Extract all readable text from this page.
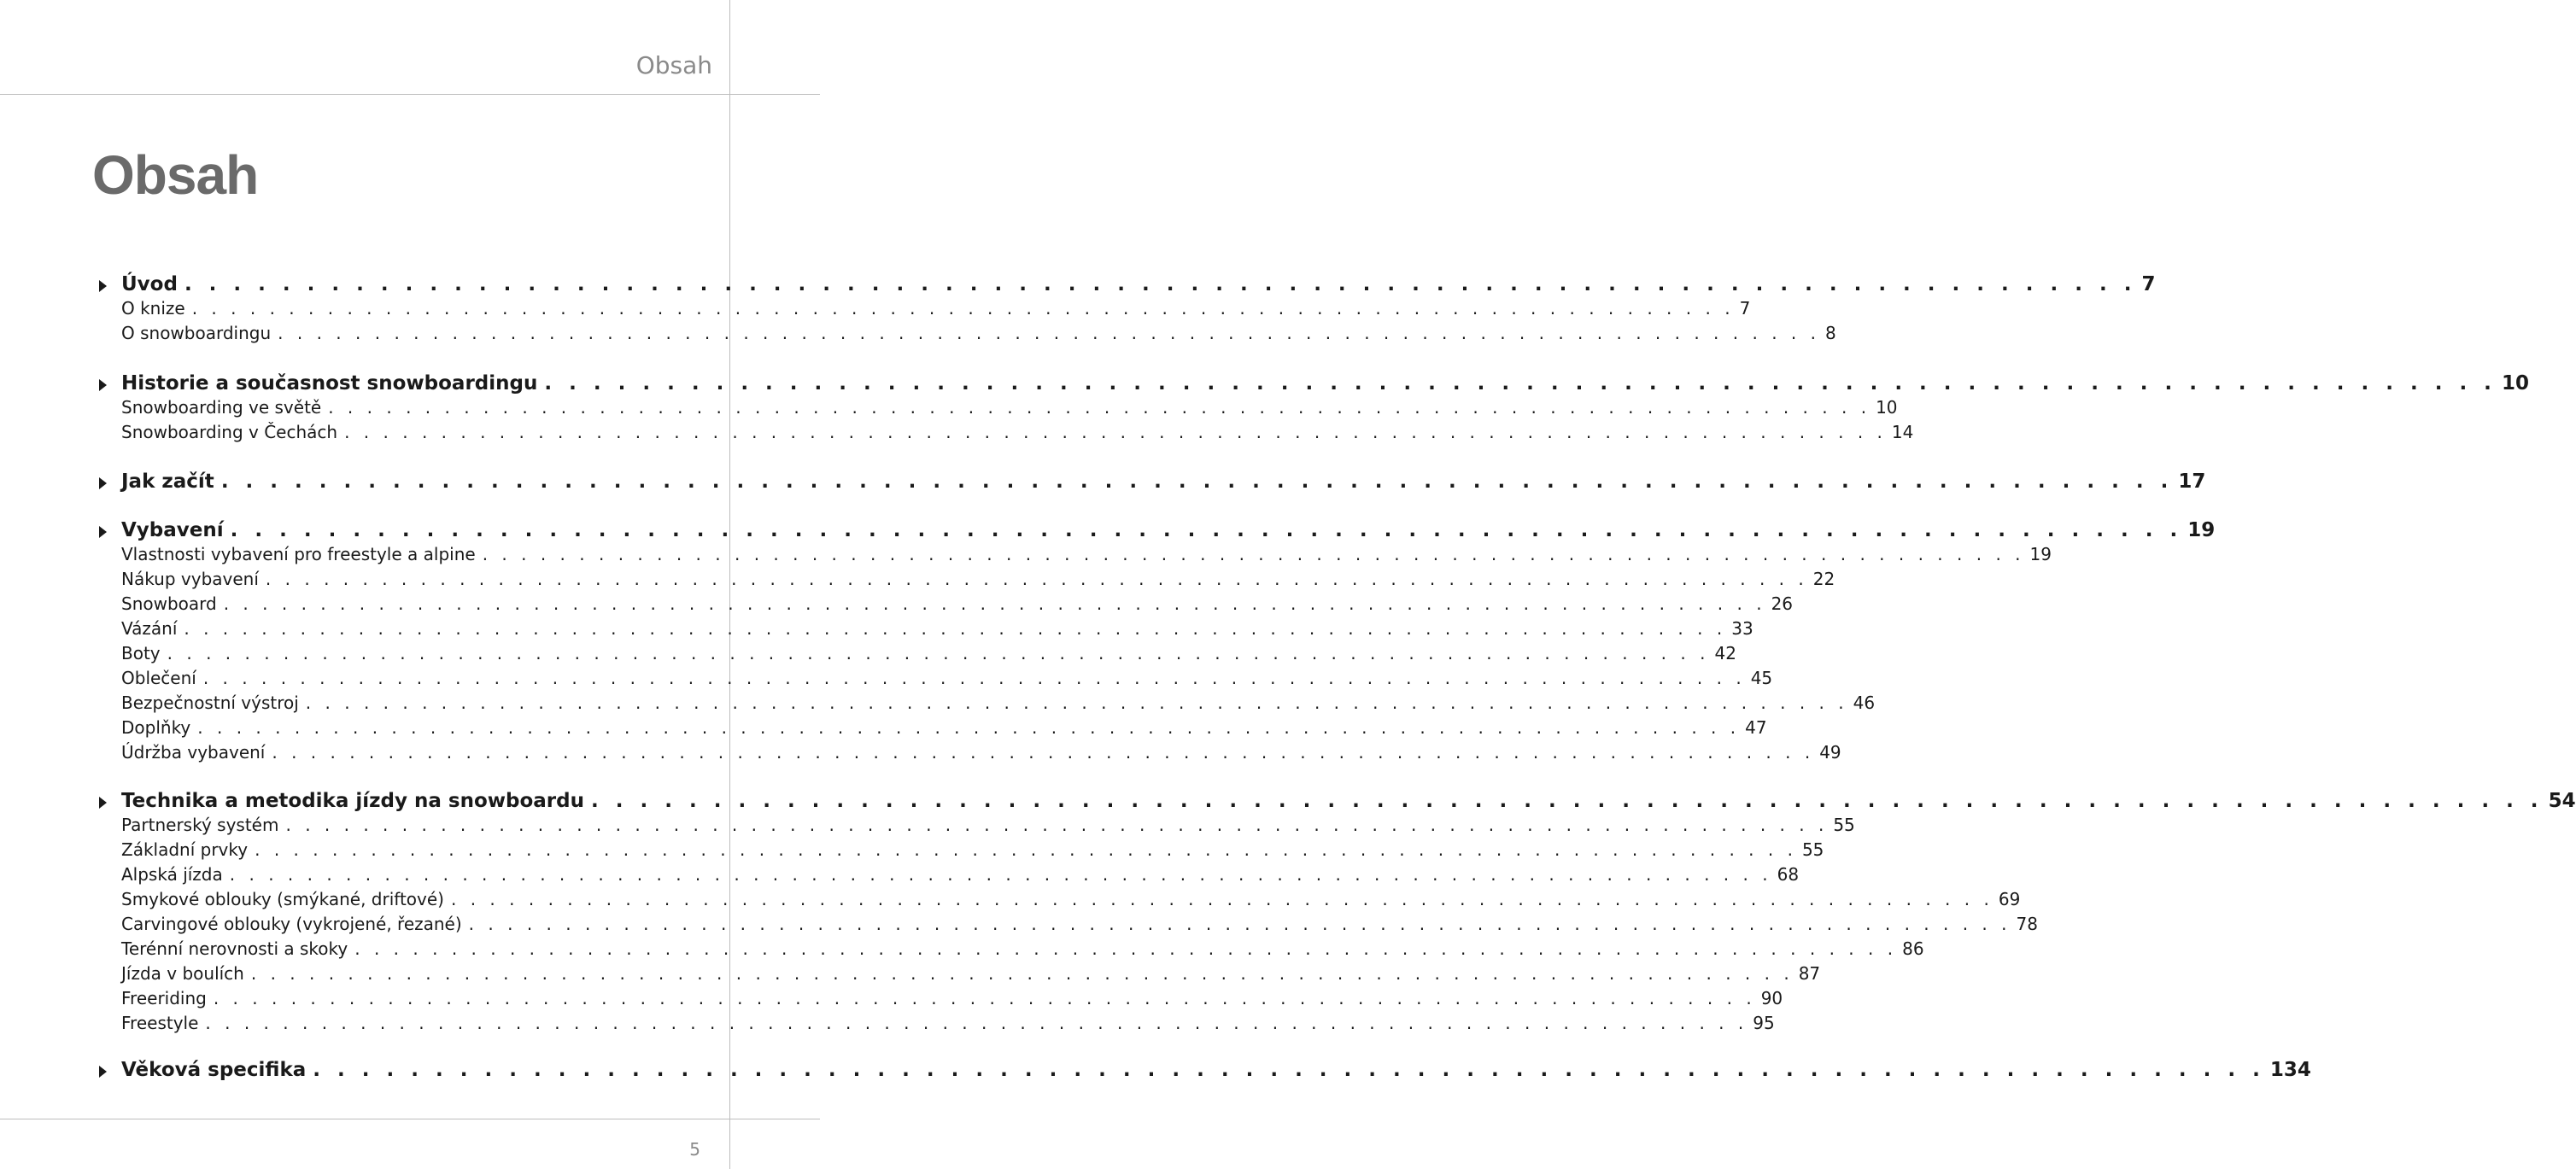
Obsah
Obsah
Úvod . . . . . . . . . . . . . . . . . . . . . . . . . . . . . . . . . . . . . . . . . . . . . . . . . . . . . . . . . . . . . . . . . . . . . . . . . . . . . . . . 7
O knize . . . . . . . . . . . . . . . . . . . . . . . . . . . . . . . . . . . . . . . . . . . . . . . . . . . . . . . . . . . . . . . . . . . . . . . . . . . . . . . . 7
O snowboardingu . . . . . . . . . . . . . . . . . . . . . . . . . . . . . . . . . . . . . . . . . . . . . . . . . . . . . . . . . . . . . . . . . . . . . . . . . . . . . . . . 8
Historie a současnost snowboardingu . . . . . . . . . . . . . . . . . . . . . . . . . . . . . . . . . . . . . . . . . . . . . . . . . . . . . . . . . . . . . . . . . . . . . . . . . . . . . . . . 10
Snowboarding ve světě . . . . . . . . . . . . . . . . . . . . . . . . . . . . . . . . . . . . . . . . . . . . . . . . . . . . . . . . . . . . . . . . . . . . . . . . . . . . . . . . 10
Snowboarding v Čechách . . . . . . . . . . . . . . . . . . . . . . . . . . . . . . . . . . . . . . . . . . . . . . . . . . . . . . . . . . . . . . . . . . . . . . . . . . . . . . . . 14
Jak začít . . . . . . . . . . . . . . . . . . . . . . . . . . . . . . . . . . . . . . . . . . . . . . . . . . . . . . . . . . . . . . . . . . . . . . . . . . . . . . . . 17
Vybavení . . . . . . . . . . . . . . . . . . . . . . . . . . . . . . . . . . . . . . . . . . . . . . . . . . . . . . . . . . . . . . . . . . . . . . . . . . . . . . . . 19
Vlastnosti vybavení pro freestyle a alpine . . . . . . . . . . . . . . . . . . . . . . . . . . . . . . . . . . . . . . . . . . . . . . . . . . . . . . . . . . . . . . . . . . . . . . . . . . . . . . . . 19
Nákup vybavení . . . . . . . . . . . . . . . . . . . . . . . . . . . . . . . . . . . . . . . . . . . . . . . . . . . . . . . . . . . . . . . . . . . . . . . . . . . . . . . . 22
Snowboard . . . . . . . . . . . . . . . . . . . . . . . . . . . . . . . . . . . . . . . . . . . . . . . . . . . . . . . . . . . . . . . . . . . . . . . . . . . . . . . . 26
Vázání . . . . . . . . . . . . . . . . . . . . . . . . . . . . . . . . . . . . . . . . . . . . . . . . . . . . . . . . . . . . . . . . . . . . . . . . . . . . . . . . 33
Boty . . . . . . . . . . . . . . . . . . . . . . . . . . . . . . . . . . . . . . . . . . . . . . . . . . . . . . . . . . . . . . . . . . . . . . . . . . . . . . . . 42
Oblečení . . . . . . . . . . . . . . . . . . . . . . . . . . . . . . . . . . . . . . . . . . . . . . . . . . . . . . . . . . . . . . . . . . . . . . . . . . . . . . . . 45
Bezpečnostní výstroj . . . . . . . . . . . . . . . . . . . . . . . . . . . . . . . . . . . . . . . . . . . . . . . . . . . . . . . . . . . . . . . . . . . . . . . . . . . . . . . . 46
Doplňky . . . . . . . . . . . . . . . . . . . . . . . . . . . . . . . . . . . . . . . . . . . . . . . . . . . . . . . . . . . . . . . . . . . . . . . . . . . . . . . . 47
Údržba vybavení . . . . . . . . . . . . . . . . . . . . . . . . . . . . . . . . . . . . . . . . . . . . . . . . . . . . . . . . . . . . . . . . . . . . . . . . . . . . . . . . 49
Technika a metodika jízdy na snowboardu . . . . . . . . . . . . . . . . . . . . . . . . . . . . . . . . . . . . . . . . . . . . . . . . . . . . . . . . . . . . . . . . . . . . . . . . . . . . . . . . 54
Partnerský systém . . . . . . . . . . . . . . . . . . . . . . . . . . . . . . . . . . . . . . . . . . . . . . . . . . . . . . . . . . . . . . . . . . . . . . . . . . . . . . . . 55
Základní prvky . . . . . . . . . . . . . . . . . . . . . . . . . . . . . . . . . . . . . . . . . . . . . . . . . . . . . . . . . . . . . . . . . . . . . . . . . . . . . . . . 55
Alpská jízda . . . . . . . . . . . . . . . . . . . . . . . . . . . . . . . . . . . . . . . . . . . . . . . . . . . . . . . . . . . . . . . . . . . . . . . . . . . . . . . . 68
Smykové oblouky (smýkané, driftové) . . . . . . . . . . . . . . . . . . . . . . . . . . . . . . . . . . . . . . . . . . . . . . . . . . . . . . . . . . . . . . . . . . . . . . . . . . . . . . . . 69
Carvingové oblouky (vykrojené, řezané) . . . . . . . . . . . . . . . . . . . . . . . . . . . . . . . . . . . . . . . . . . . . . . . . . . . . . . . . . . . . . . . . . . . . . . . . . . . . . . . . 78
Terénní nerovnosti a skoky . . . . . . . . . . . . . . . . . . . . . . . . . . . . . . . . . . . . . . . . . . . . . . . . . . . . . . . . . . . . . . . . . . . . . . . . . . . . . . . . 86
Jízda v boulích . . . . . . . . . . . . . . . . . . . . . . . . . . . . . . . . . . . . . . . . . . . . . . . . . . . . . . . . . . . . . . . . . . . . . . . . . . . . . . . . 87
Freeriding . . . . . . . . . . . . . . . . . . . . . . . . . . . . . . . . . . . . . . . . . . . . . . . . . . . . . . . . . . . . . . . . . . . . . . . . . . . . . . . . 90
Freestyle . . . . . . . . . . . . . . . . . . . . . . . . . . . . . . . . . . . . . . . . . . . . . . . . . . . . . . . . . . . . . . . . . . . . . . . . . . . . . . . . 95
Věková specifika . . . . . . . . . . . . . . . . . . . . . . . . . . . . . . . . . . . . . . . . . . . . . . . . . . . . . . . . . . . . . . . . . . . . . . . . . . . . . . . . 134
5
